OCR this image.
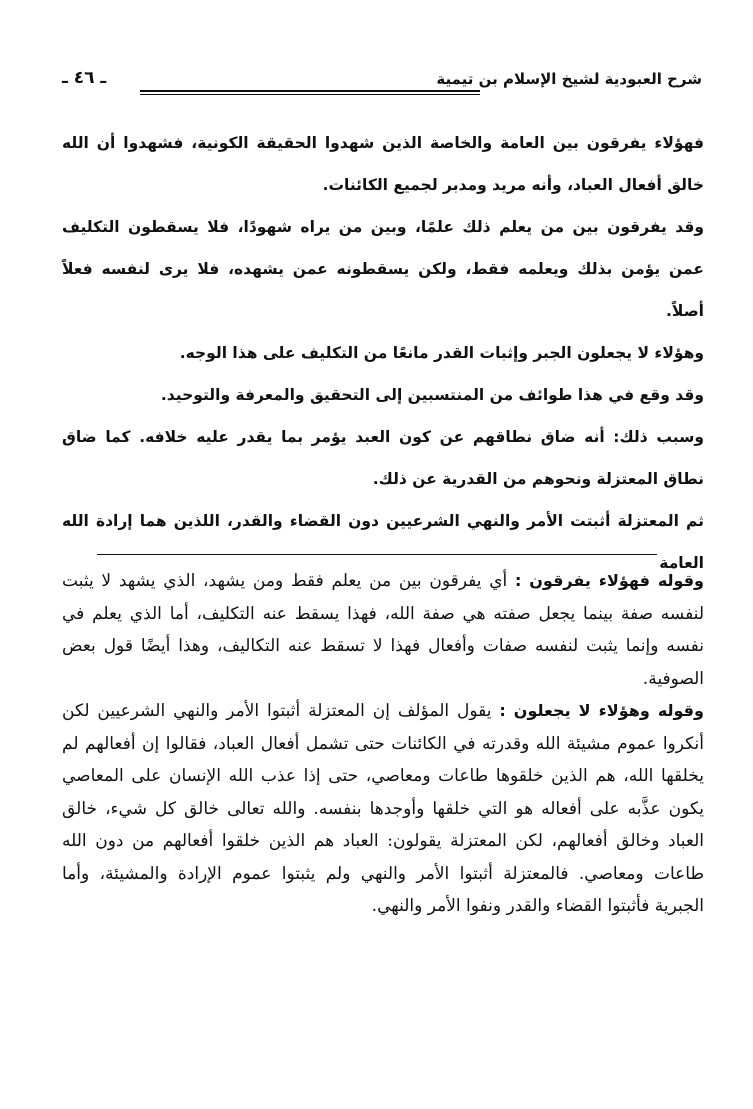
شرح العبودية لشيخ الإسلام بن تيمية
ـ ٤٦ ـ

فهؤلاء يفرقون بين العامة والخاصة الذين شهدوا الحقيقة الكونية، فشهدوا أن الله خالق أفعال العباد، وأنه مريد ومدبر لجميع الكائنات.

وقد يفرقون بين من يعلم ذلك علمًا، وبين من يراه شهودًا، فلا يسقطون التكليف عمن يؤمن بذلك ويعلمه فقط، ولكن يسقطونه عمن يشهده، فلا يرى لنفسه فعلاً أصلاً.

وهؤلاء لا يجعلون الجبر وإثبات القدر مانعًا من التكليف على هذا الوجه.

وقد وقع في هذا طوائف من المنتسبين إلى التحقيق والمعرفة والتوحيد.

وسبب ذلك: أنه ضاق نطاقهم عن كون العبد يؤمر بما يقدر عليه خلافه. كما ضاق نطاق المعتزلة ونحوهم من القدرية عن ذلك.

ثم المعتزلة أثبتت الأمر والنهي الشرعيين دون القضاء والقدر، اللذين هما إرادة الله العامة

وقوله فهؤلاء يفرقون : أي يفرقون بين من يعلم فقط ومن يشهد، الذي يشهد لا يثبت لنفسه صفة بينما يجعل صفته هي صفة الله، فهذا يسقط عنه التكليف، أما الذي يعلم في نفسه وإنما يثبت لنفسه صفات وأفعال فهذا لا تسقط عنه التكاليف، وهذا أيضًا قول بعض الصوفية.

وقوله وهؤلاء لا يجعلون : يقول المؤلف إن المعتزلة أثبتوا الأمر والنهي الشرعيين لكن أنكروا عموم مشيئة الله وقدرته في الكائنات حتى تشمل أفعال العباد، فقالوا إن أفعالهم لم يخلقها الله، هم الذين خلقوها طاعات ومعاصي، حتى إذا عذب الله الإنسان على المعاصي يكون عذَّبه على أفعاله هو التي خلقها وأوجدها بنفسه. والله تعالى خالق كل شيء، خالق العباد وخالق أفعالهم، لكن المعتزلة يقولون: العباد هم الذين خلقوا أفعالهم من دون الله طاعات ومعاصي. فالمعتزلة أثبتوا الأمر والنهي ولم يثبتوا عموم الإرادة والمشيئة، وأما الجبرية فأثبتوا القضاء والقدر ونفوا الأمر والنهي.
